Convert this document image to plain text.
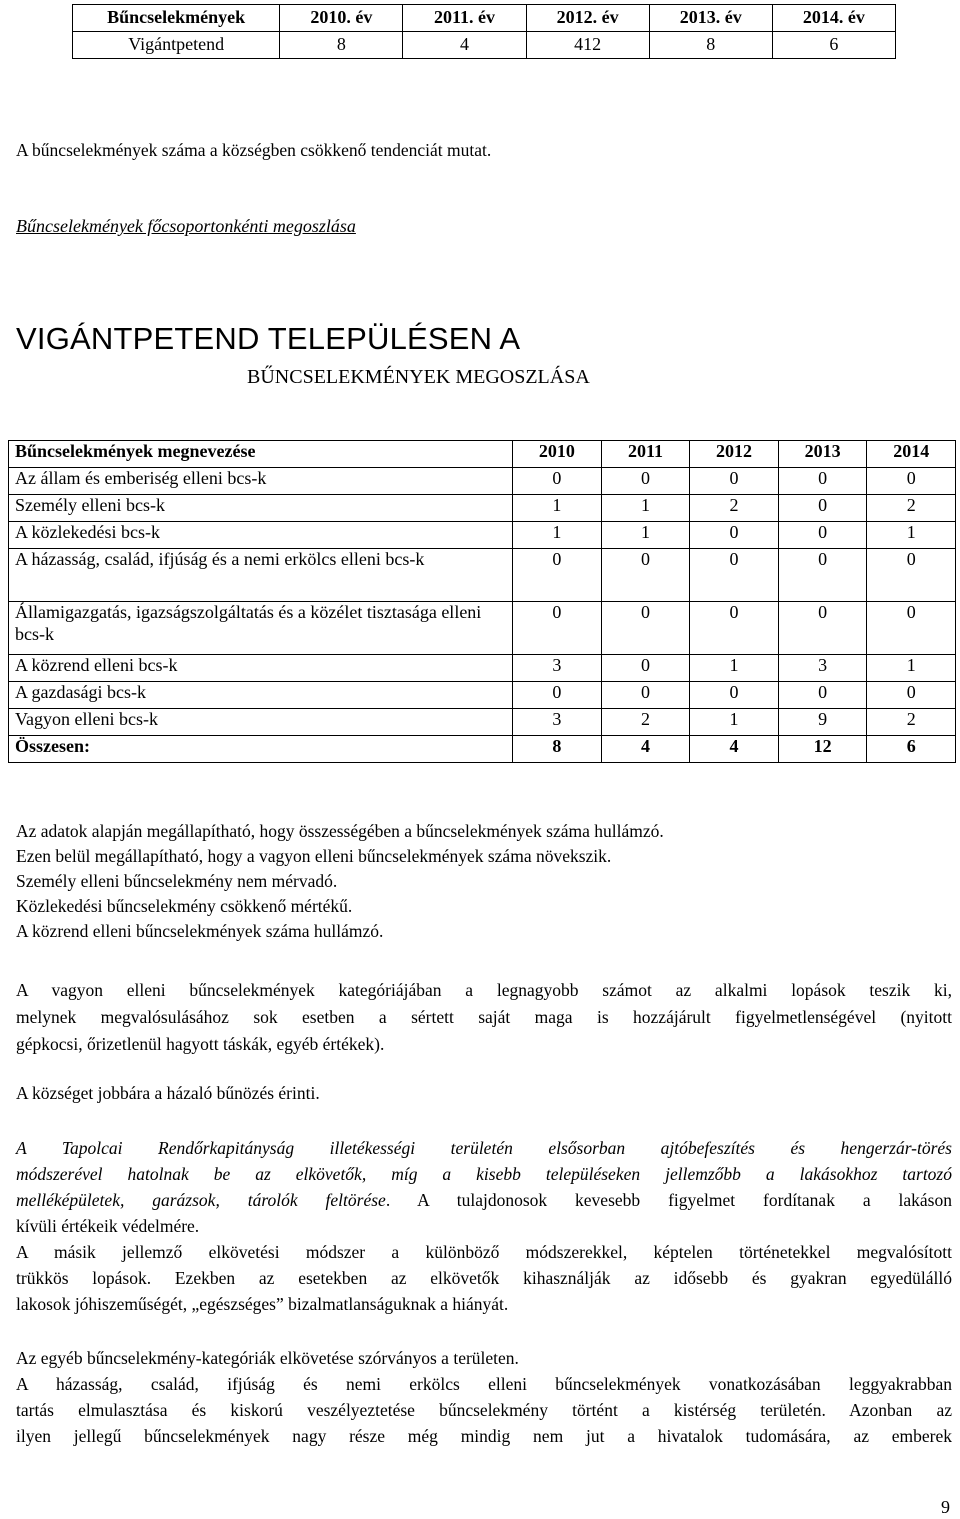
Bűncselekmények	2010. év	2011. év	2012. év	2013. év	2014. év
Vigántpetend	8	4	412	8	6
A bűncselekmények száma a községben csökkenő tendenciát mutat.
Bűncselekmények főcsoportonkénti megoszlása
VIGÁNTPETEND TELEPÜLÉSEN A
BŰNCSELEKMÉNYEK MEGOSZLÁSA
Bűncselekmények megnevezése	2010	2011	2012	2013	2014
Az állam és emberiség elleni bcs-k	0	0	0	0	0
Személy elleni bcs-k	1	1	2	0	2
A közlekedési bcs-k	1	1	0	0	1
A házasság, család, ifjúság és a nemi erkölcs elleni bcs-k	0	0	0	0	0
Államigazgatás, igazságszolgáltatás és a közélet tisztasága elleni bcs-k	0	0	0	0	0
A közrend elleni bcs-k	3	0	1	3	1
A gazdasági bcs-k	0	0	0	0	0
Vagyon elleni bcs-k	3	2	1	9	2
Összesen:	8	4	4	12	6
Az adatok alapján megállapítható, hogy összességében a bűncselekmények száma hullámzó.
Ezen belül megállapítható, hogy a vagyon elleni bűncselekmények száma növekszik.
Személy elleni bűncselekmény nem mérvadó.
Közlekedési bűncselekmény csökkenő mértékű.
A közrend elleni bűncselekmények száma hullámzó.
A vagyon elleni bűncselekmények kategóriájában a legnagyobb számot az alkalmi lopások teszik ki,
melynek megvalósulásához sok esetben a sértett saját maga is hozzájárult figyelmetlenségével (nyitott
gépkocsi, őrizetlenül hagyott táskák, egyéb értékek).
A községet jobbára a házaló bűnözés érinti.
A Tapolcai Rendőrkapitányság illetékességi területén elsősorban ajtóbefeszítés és hengerzár-törés
módszerével hatolnak be az elkövetők, míg a kisebb településeken jellemzőbb a lakásokhoz tartozó
melléképületek, garázsok, tárolók feltörése. A tulajdonosok kevesebb figyelmet fordítanak a lakáson
kívüli értékeik védelmére.
A másik jellemző elkövetési módszer a különböző módszerekkel, képtelen történetekkel megvalósított
trükkös lopások. Ezekben az esetekben az elkövetők kihasználják az idősebb és gyakran egyedülálló
lakosok jóhiszeműségét, „egészséges” bizalmatlanságuknak a hiányát.
Az egyéb bűncselekmény-kategóriák elkövetése szórványos a területen.
A házasság, család, ifjúság és nemi erkölcs elleni bűncselekmények vonatkozásában leggyakrabban
tartás elmulasztása és kiskorú veszélyeztetése bűncselekmény történt a kistérség területén. Azonban az
ilyen jellegű bűncselekmények nagy része még mindig nem jut a hivatalok tudomására, az emberek
9
